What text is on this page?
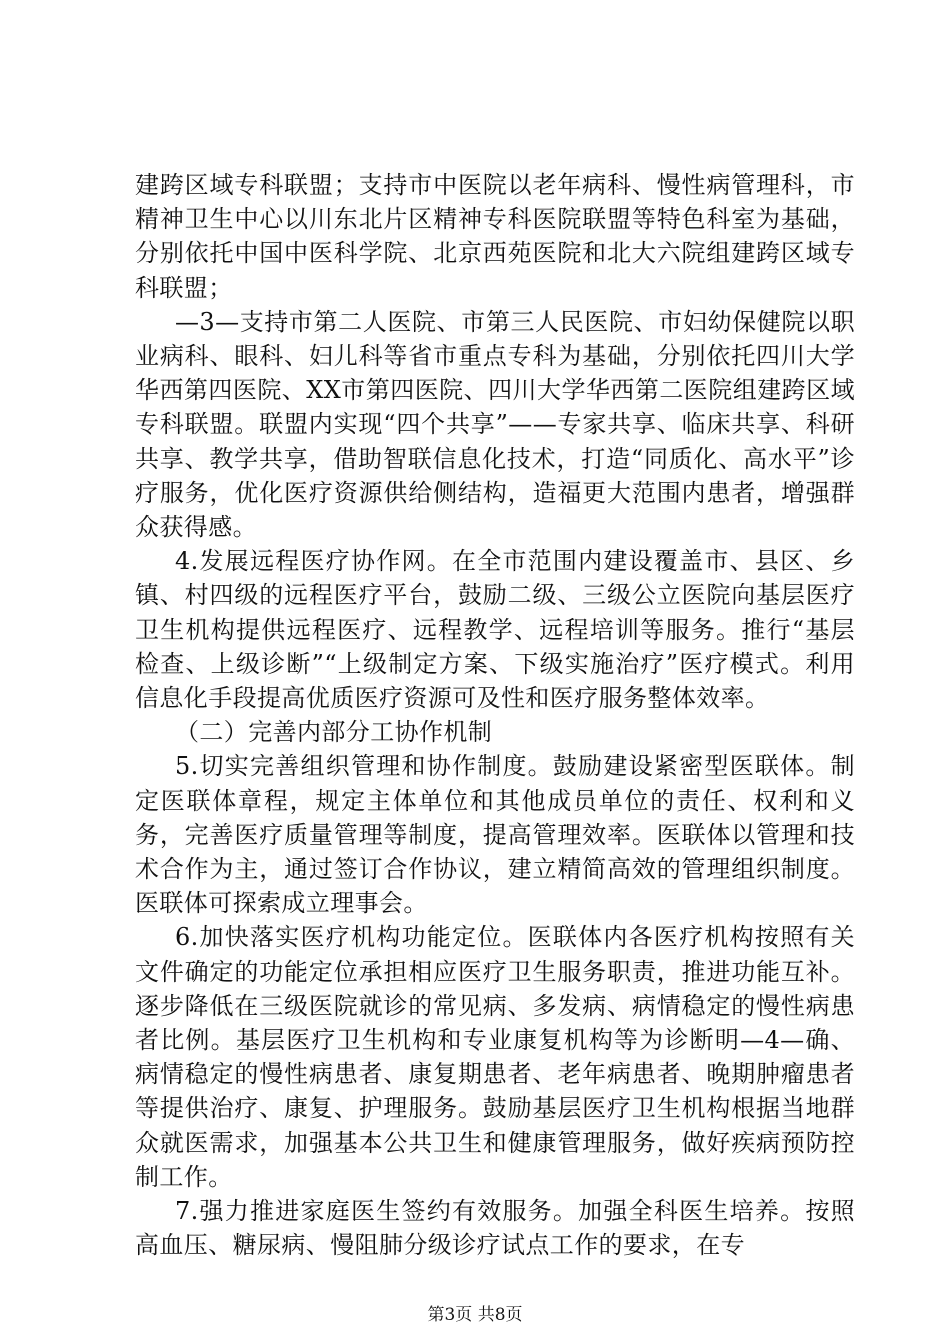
建跨区域专科联盟；支持市中医院以老年病科、慢性病管理科，市精神卫生中心以川东北片区精神专科医院联盟等特色科室为基础，分别依托中国中医科学院、北京西苑医院和北大六院组建跨区域专科联盟；

—3—支持市第二人医院、市第三人民医院、市妇幼保健院以职业病科、眼科、妇儿科等省市重点专科为基础，分别依托四川大学华西第四医院、XX市第四医院、四川大学华西第二医院组建跨区域专科联盟。联盟内实现“四个共享”——专家共享、临床共享、科研共享、教学共享，借助智联信息化技术，打造“同质化、高水平”诊疗服务，优化医疗资源供给侧结构，造福更大范围内患者，增强群众获得感。

4.发展远程医疗协作网。在全市范围内建设覆盖市、县区、乡镇、村四级的远程医疗平台，鼓励二级、三级公立医院向基层医疗卫生机构提供远程医疗、远程教学、远程培训等服务。推行“基层检查、上级诊断”“上级制定方案、下级实施治疗”医疗模式。利用信息化手段提高优质医疗资源可及性和医疗服务整体效率。

（二）完善内部分工协作机制

5.切实完善组织管理和协作制度。鼓励建设紧密型医联体。制定医联体章程，规定主体单位和其他成员单位的责任、权利和义务，完善医疗质量管理等制度，提高管理效率。医联体以管理和技术合作为主，通过签订合作协议，建立精简高效的管理组织制度。医联体可探索成立理事会。

6.加快落实医疗机构功能定位。医联体内各医疗机构按照有关文件确定的功能定位承担相应医疗卫生服务职责，推进功能互补。逐步降低在三级医院就诊的常见病、多发病、病情稳定的慢性病患者比例。基层医疗卫生机构和专业康复机构等为诊断明—4—确、病情稳定的慢性病患者、康复期患者、老年病患者、晚期肿瘤患者等提供治疗、康复、护理服务。鼓励基层医疗卫生机构根据当地群众就医需求，加强基本公共卫生和健康管理服务，做好疾病预防控制工作。

7.强力推进家庭医生签约有效服务。加强全科医生培养。按照高血压、糖尿病、慢阻肺分级诊疗试点工作的要求，在专

第3页 共8页
